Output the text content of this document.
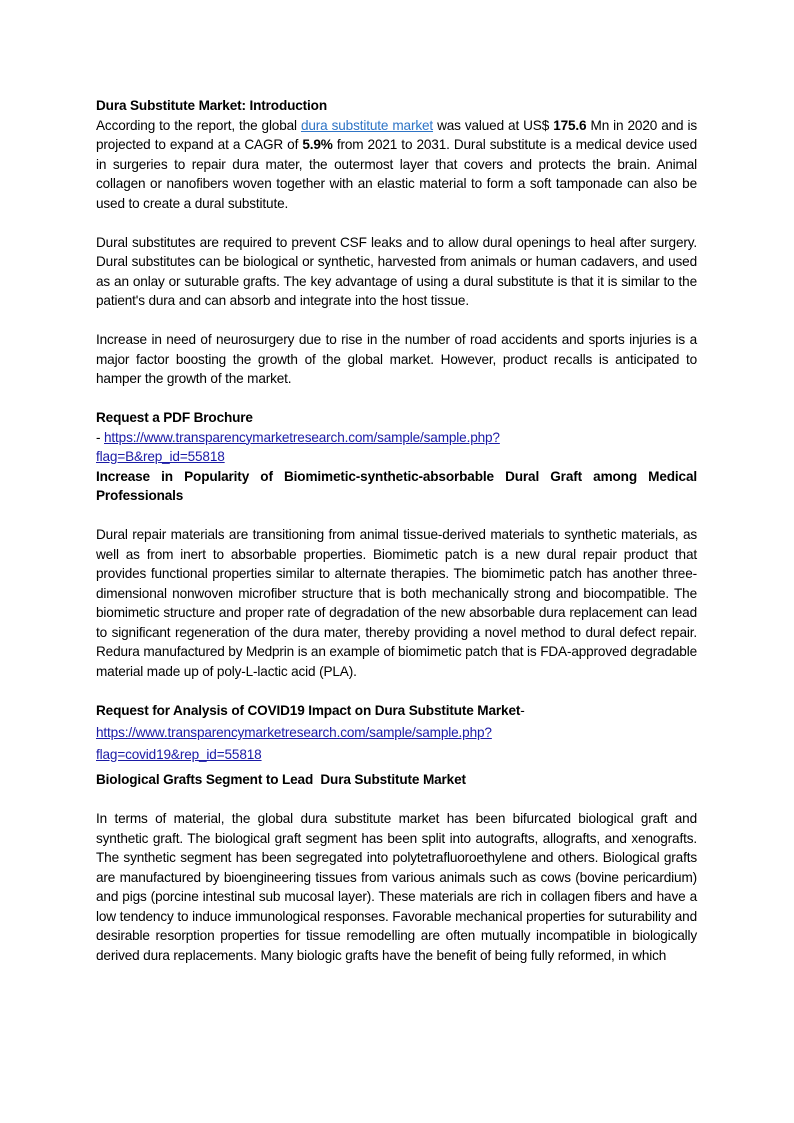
Dura Substitute Market: Introduction

According to the report, the global dura substitute market was valued at US$ 175.6 Mn in 2020 and is projected to expand at a CAGR of 5.9% from 2021 to 2031. Dural substitute is a medical device used in surgeries to repair dura mater, the outermost layer that covers and protects the brain. Animal collagen or nanofibers woven together with an elastic material to form a soft tamponade can also be used to create a dural substitute.

Dural substitutes are required to prevent CSF leaks and to allow dural openings to heal after surgery. Dural substitutes can be biological or synthetic, harvested from animals or human cadavers, and used as an onlay or suturable grafts. The key advantage of using a dural substitute is that it is similar to the patient's dura and can absorb and integrate into the host tissue.

Increase in need of neurosurgery due to rise in the number of road accidents and sports injuries is a major factor boosting the growth of the global market. However, product recalls is anticipated to hamper the growth of the market.

Request a PDF Brochure

- https://www.transparencymarketresearch.com/sample/sample.php?

flag=B&rep_id=55818

Increase in Popularity of Biomimetic-synthetic-absorbable Dural Graft among Medical Professionals

Dural repair materials are transitioning from animal tissue-derived materials to synthetic materials, as well as from inert to absorbable properties. Biomimetic patch is a new dural repair product that provides functional properties similar to alternate therapies. The biomimetic patch has another three-dimensional nonwoven microfiber structure that is both mechanically strong and biocompatible. The biomimetic structure and proper rate of degradation of the new absorbable dura replacement can lead to significant regeneration of the dura mater, thereby providing a novel method to dural defect repair. Redura manufactured by Medprin is an example of biomimetic patch that is FDA-approved degradable material made up of poly-L-lactic acid (PLA).

Request for Analysis of COVID19 Impact on Dura Substitute Market-

https://www.transparencymarketresearch.com/sample/sample.php?

flag=covid19&rep_id=55818

Biological Grafts Segment to Lead  Dura Substitute Market

In terms of material, the global dura substitute market has been bifurcated biological graft and synthetic graft. The biological graft segment has been split into autografts, allografts, and xenografts. The synthetic segment has been segregated into polytetrafluoroethylene and others. Biological grafts are manufactured by bioengineering tissues from various animals such as cows (bovine pericardium) and pigs (porcine intestinal sub mucosal layer). These materials are rich in collagen fibers and have a low tendency to induce immunological responses. Favorable mechanical properties for suturability and desirable resorption properties for tissue remodelling are often mutually incompatible in biologically derived dura replacements. Many biologic grafts have the benefit of being fully reformed, in which
